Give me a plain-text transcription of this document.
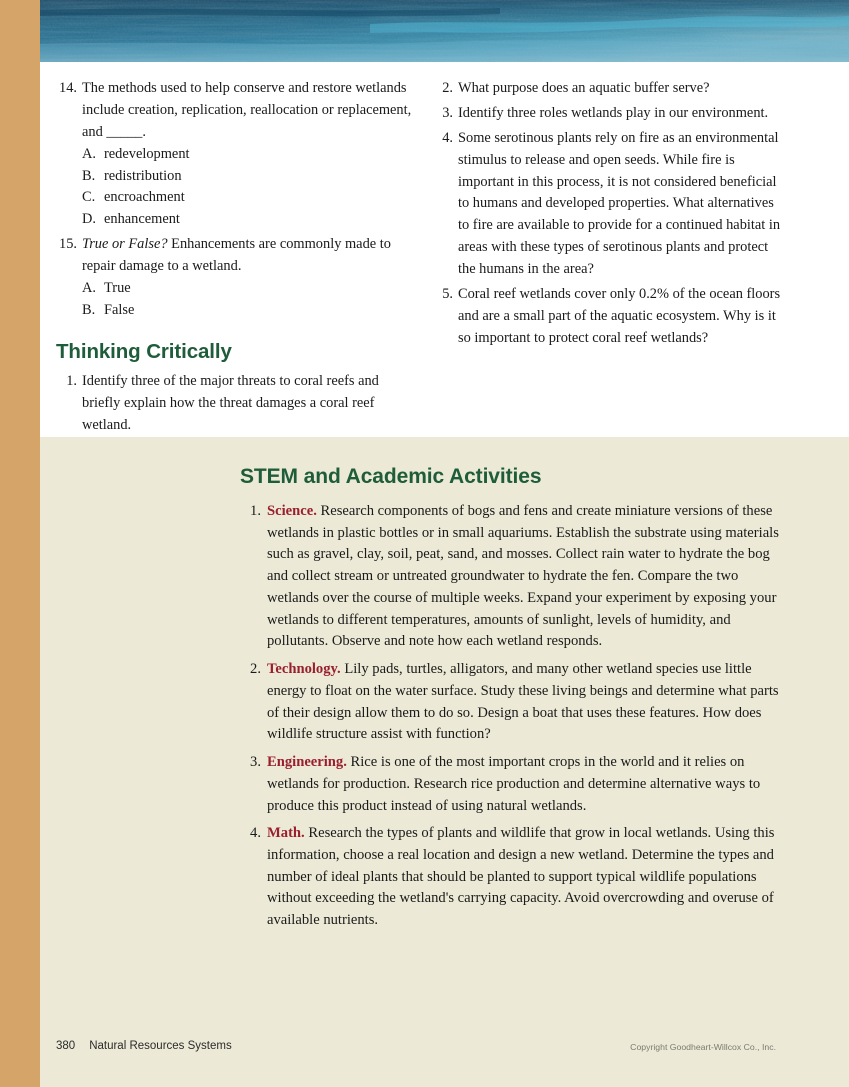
14. The methods used to help conserve and restore wetlands include creation, replication, reallocation or replacement, and _____.
A. redevelopment
B. redistribution
C. encroachment
D. enhancement
15. True or False? Enhancements are commonly made to repair damage to a wetland.
A. True
B. False
Thinking Critically
1. Identify three of the major threats to coral reefs and briefly explain how the threat damages a coral reef wetland.
2. What purpose does an aquatic buffer serve?
3. Identify three roles wetlands play in our environment.
4. Some serotinous plants rely on fire as an environmental stimulus to release and open seeds. While fire is important in this process, it is not considered beneficial to humans and developed properties. What alternatives to fire are available to provide for a continued habitat in areas with these types of serotinous plants and protect the humans in the area?
5. Coral reef wetlands cover only 0.2% of the ocean floors and are a small part of the aquatic ecosystem. Why is it so important to protect coral reef wetlands?
STEM and Academic Activities
1. Science. Research components of bogs and fens and create miniature versions of these wetlands in plastic bottles or in small aquariums. Establish the substrate using materials such as gravel, clay, soil, peat, sand, and mosses. Collect rain water to hydrate the bog and collect stream or untreated groundwater to hydrate the fen. Compare the two wetlands over the course of multiple weeks. Expand your experiment by exposing your wetlands to different temperatures, amounts of sunlight, levels of humidity, and pollutants. Observe and note how each wetland responds.
2. Technology. Lily pads, turtles, alligators, and many other wetland species use little energy to float on the water surface. Study these living beings and determine what parts of their design allow them to do so. Design a boat that uses these features. How does wildlife structure assist with function?
3. Engineering. Rice is one of the most important crops in the world and it relies on wetlands for production. Research rice production and determine alternative ways to produce this product instead of using natural wetlands.
4. Math. Research the types of plants and wildlife that grow in local wetlands. Using this information, choose a real location and design a new wetland. Determine the types and number of ideal plants that should be planted to support typical wildlife populations without exceeding the wetland's carrying capacity. Avoid overcrowding and overuse of available nutrients.
380 Natural Resources Systems	Copyright Goodheart-Willcox Co., Inc.
